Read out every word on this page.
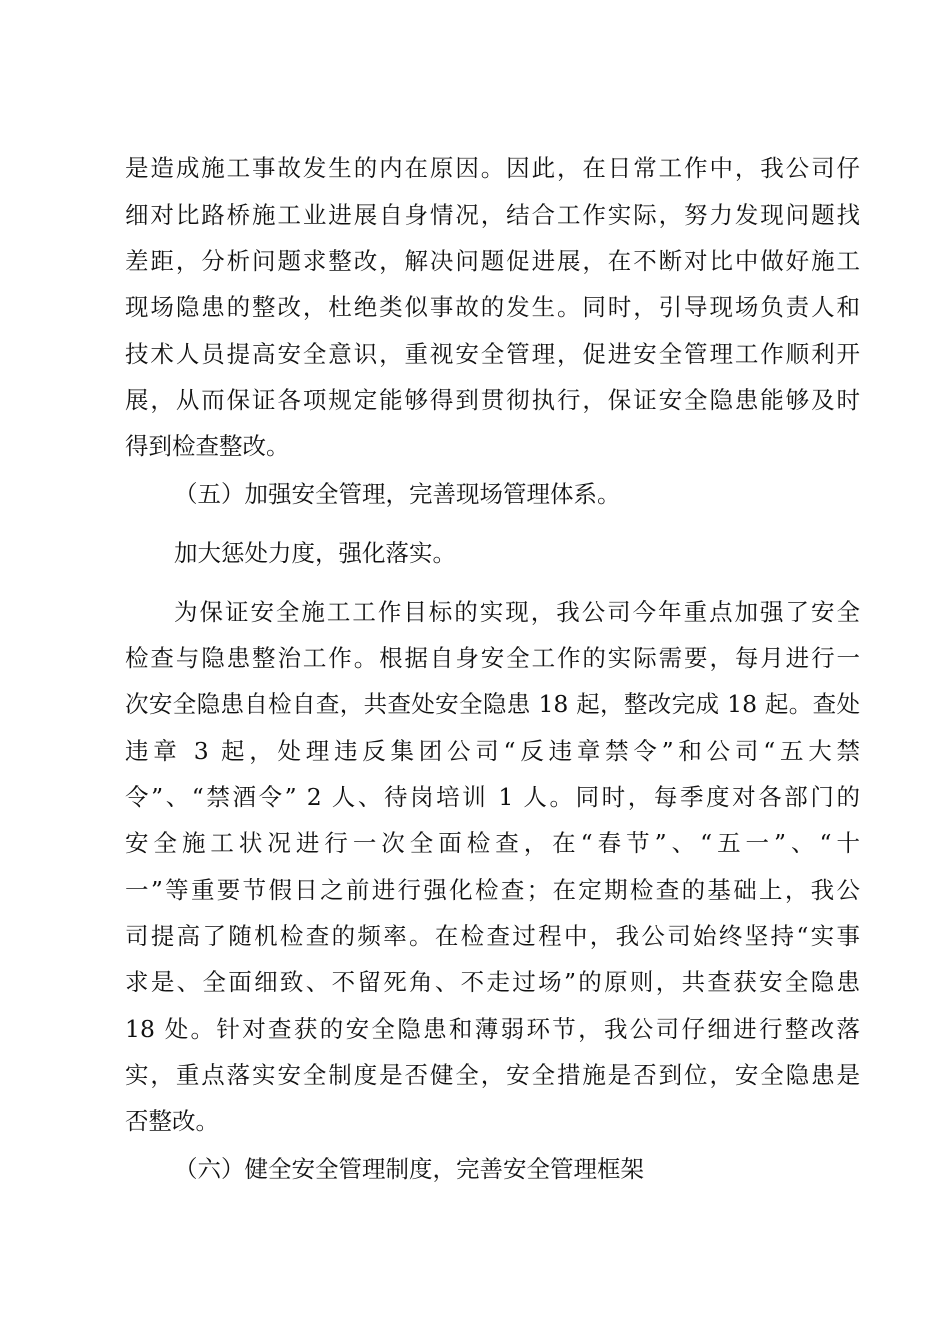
是造成施工事故发生的内在原因。因此，在日常工作中，我公司仔
细对比路桥施工业进展自身情况，结合工作实际，努力发现问题找
差距，分析问题求整改，解决问题促进展，在不断对比中做好施工
现场隐患的整改，杜绝类似事故的发生。同时，引导现场负责人和
技术人员提高安全意识，重视安全管理，促进安全管理工作顺利开
展，从而保证各项规定能够得到贯彻执行，保证安全隐患能够及时
得到检查整改。
（五）加强安全管理，完善现场管理体系。
加大惩处力度，强化落实。
为保证安全施工工作目标的实现，我公司今年重点加强了安全
检查与隐患整治工作。根据自身安全工作的实际需要，每月进行一
次安全隐患自检自查，共查处安全隐患 18 起，整改完成 18 起。查处
违章 3 起，处理违反集团公司“反违章禁令”和公司“五大禁
令”、“禁酒令” 2 人、待岗培训 1 人。同时，每季度对各部门的
安全施工状况进行一次全面检查，在“春节”、“五一”、“十
一”等重要节假日之前进行强化检查；在定期检查的基础上，我公
司提高了随机检查的频率。在检查过程中，我公司始终坚持“实事
求是、全面细致、不留死角、不走过场”的原则，共查获安全隐患
18 处。针对查获的安全隐患和薄弱环节，我公司仔细进行整改落
实，重点落实安全制度是否健全，安全措施是否到位，安全隐患是
否整改。
（六）健全安全管理制度，完善安全管理框架
